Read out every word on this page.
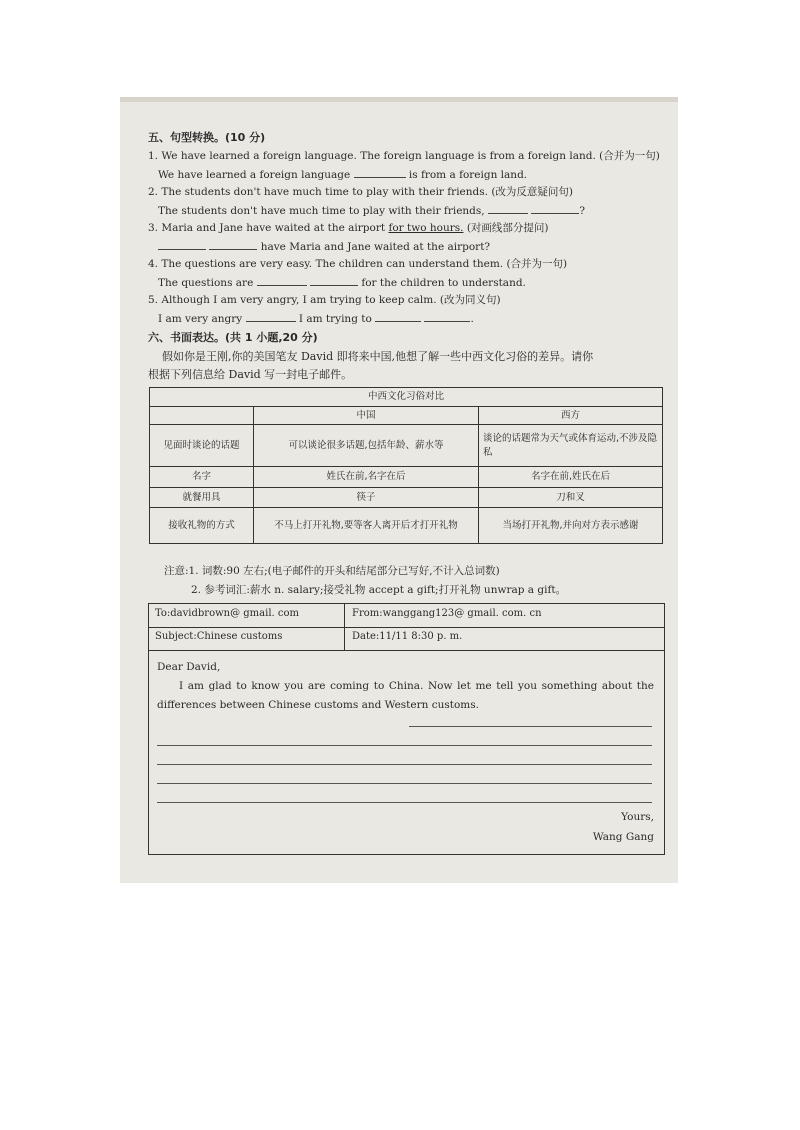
五、句型转换。(10 分)
1. We have learned a foreign language. The foreign language is from a foreign land. (合并为一句)
We have learned a foreign language	is from a foreign land.
2. The students don't have much time to play with their friends. (改为反意疑问句)
The students don't have much time to play with their friends,	?
3. Maria and Jane have waited at the airport for two hours. (对画线部分提问)
have Maria and Jane waited at the airport?
4. The questions are very easy. The children can understand them. (合并为一句)
The questions are	for the children to understand.
5. Although I am very angry, I am trying to keep calm. (改为同义句)
I am very angry	I am trying to	.
六、书面表达。(共 1 小题,20 分)
假如你是王刚,你的美国笔友 David 即将来中国,他想了解一些中西文化习俗的差异。请你
根据下列信息给 David 写一封电子邮件。
中西文化习俗对比		
	中国	西方
见面时谈论的话题	可以谈论很多话题,包括年龄、薪水等	谈论的话题常为天气或体育运动,不涉及隐私
名字	姓氏在前,名字在后	名字在前,姓氏在后
就餐用具	筷子	刀和叉
接收礼物的方式	不马上打开礼物,要等客人离开后才打开礼物	当场打开礼物,并向对方表示感谢
注意:1. 词数:90 左右;(电子邮件的开头和结尾部分已写好,不计入总词数)
2. 参考词汇:薪水 n. salary;接受礼物 accept a gift;打开礼物 unwrap a gift。
To:davidbrown@ gmail. com	From:wanggang123@ gmail. com. cn
Subject:Chinese customs	Date:11/11 8:30 p. m.
Dear David,
I am glad to know you are coming to China. Now let me tell you something about the differences between Chinese customs and Western customs.
Yours,
Wang Gang
